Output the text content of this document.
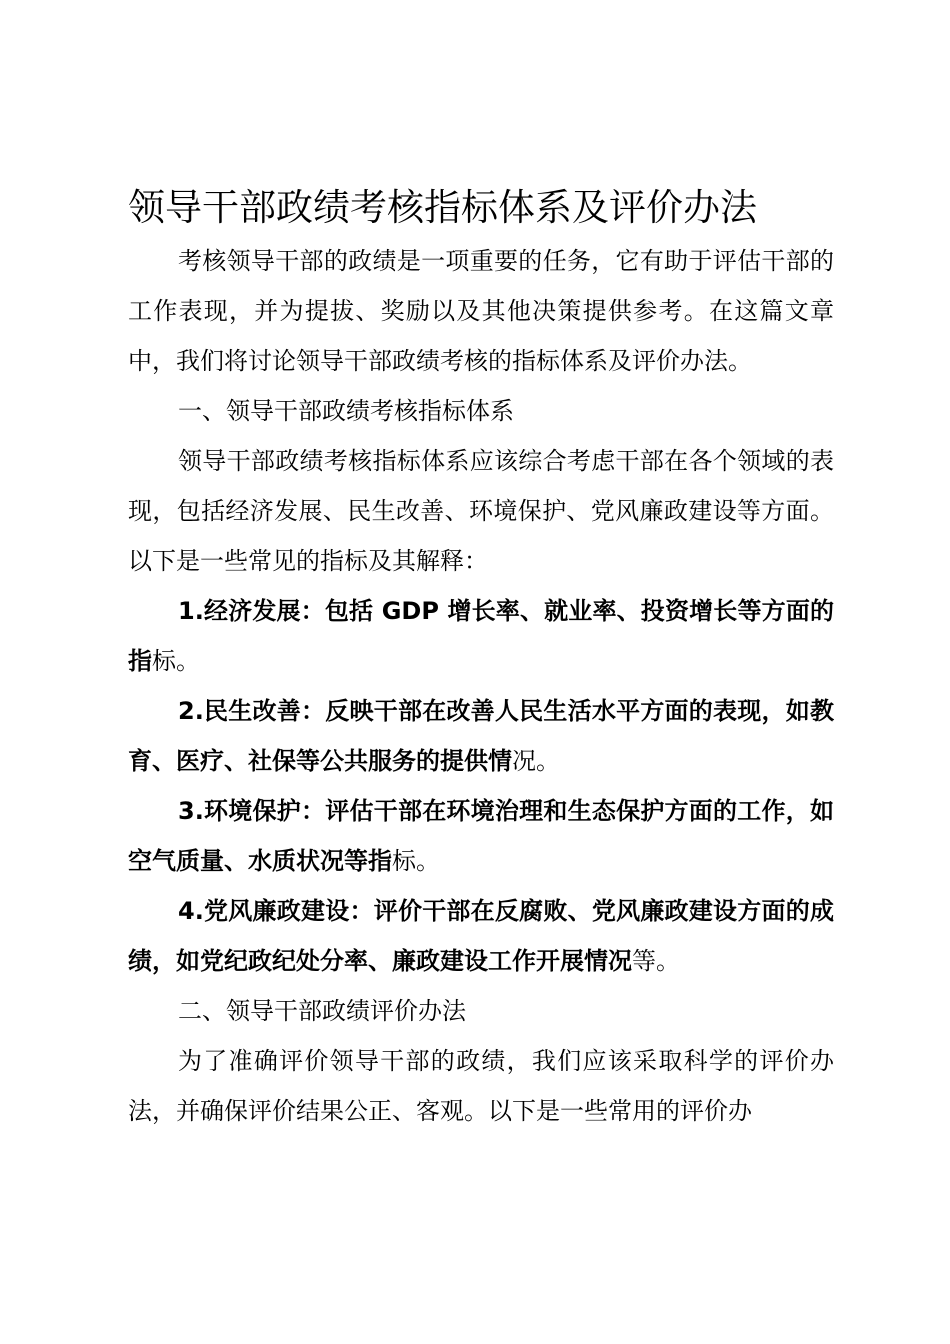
领导干部政绩考核指标体系及评价办法

考核领导干部的政绩是一项重要的任务，它有助于评估干部的工作表现，并为提拔、奖励以及其他决策提供参考。在这篇文章中，我们将讨论领导干部政绩考核的指标体系及评价办法。

一、领导干部政绩考核指标体系

领导干部政绩考核指标体系应该综合考虑干部在各个领域的表现，包括经济发展、民生改善、环境保护、党风廉政建设等方面。以下是一些常见的指标及其解释：

1.经济发展：包括 GDP 增长率、就业率、投资增长等方面的指标。

2.民生改善：反映干部在改善人民生活水平方面的表现，如教育、医疗、社保等公共服务的提供情况。

3.环境保护：评估干部在环境治理和生态保护方面的工作，如空气质量、水质状况等指标。

4.党风廉政建设：评价干部在反腐败、党风廉政建设方面的成绩，如党纪政纪处分率、廉政建设工作开展情况等。

二、领导干部政绩评价办法

为了准确评价领导干部的政绩，我们应该采取科学的评价办法，并确保评价结果公正、客观。以下是一些常用的评价办
